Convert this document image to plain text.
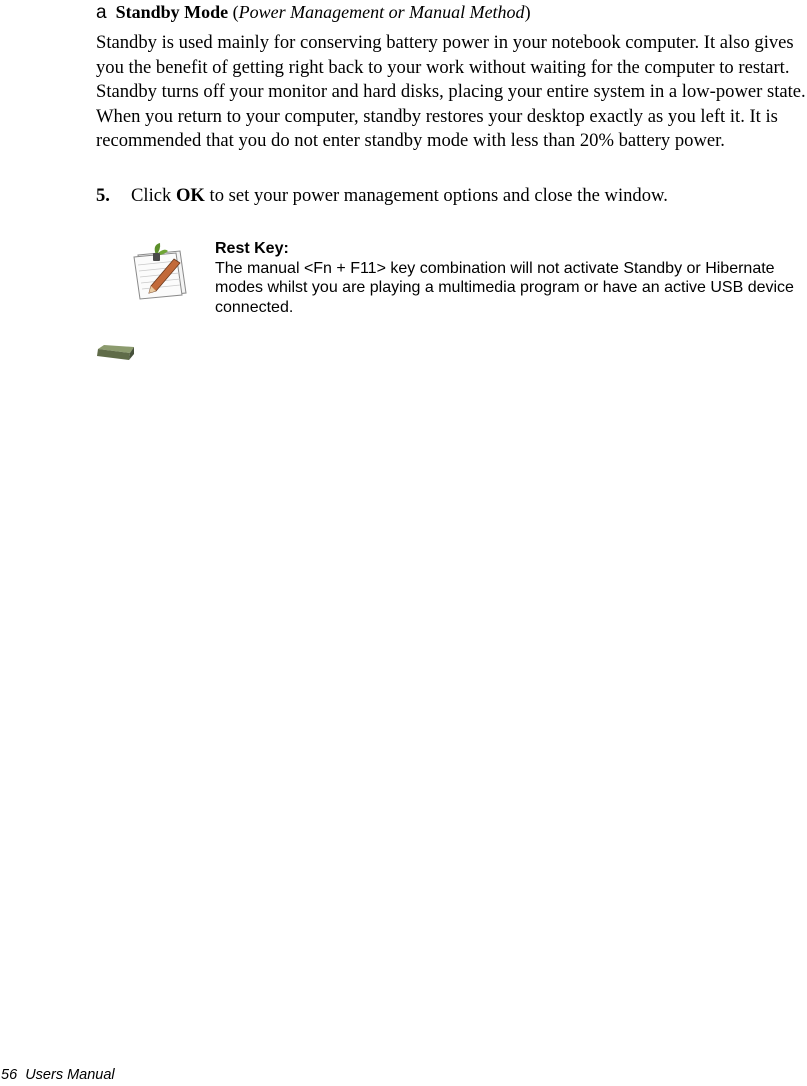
a Standby Mode (Power Management or Manual Method)

Standby is used mainly for conserving battery power in your notebook computer. It also gives you the benefit of getting right back to your work without waiting for the computer to restart. Standby turns off your monitor and hard disks, placing your entire system in a low-power state. When you return to your computer, standby restores your desktop exactly as you left it. It is recommended that you do not enter standby mode with less than 20% battery power.

5. Click OK to set your power management options and close the window.
Rest Key:
The manual <Fn + F11> key combination will not activate Standby or Hibernate modes whilst you are playing a multimedia program or have an active USB device connected.
56 Users Manual
